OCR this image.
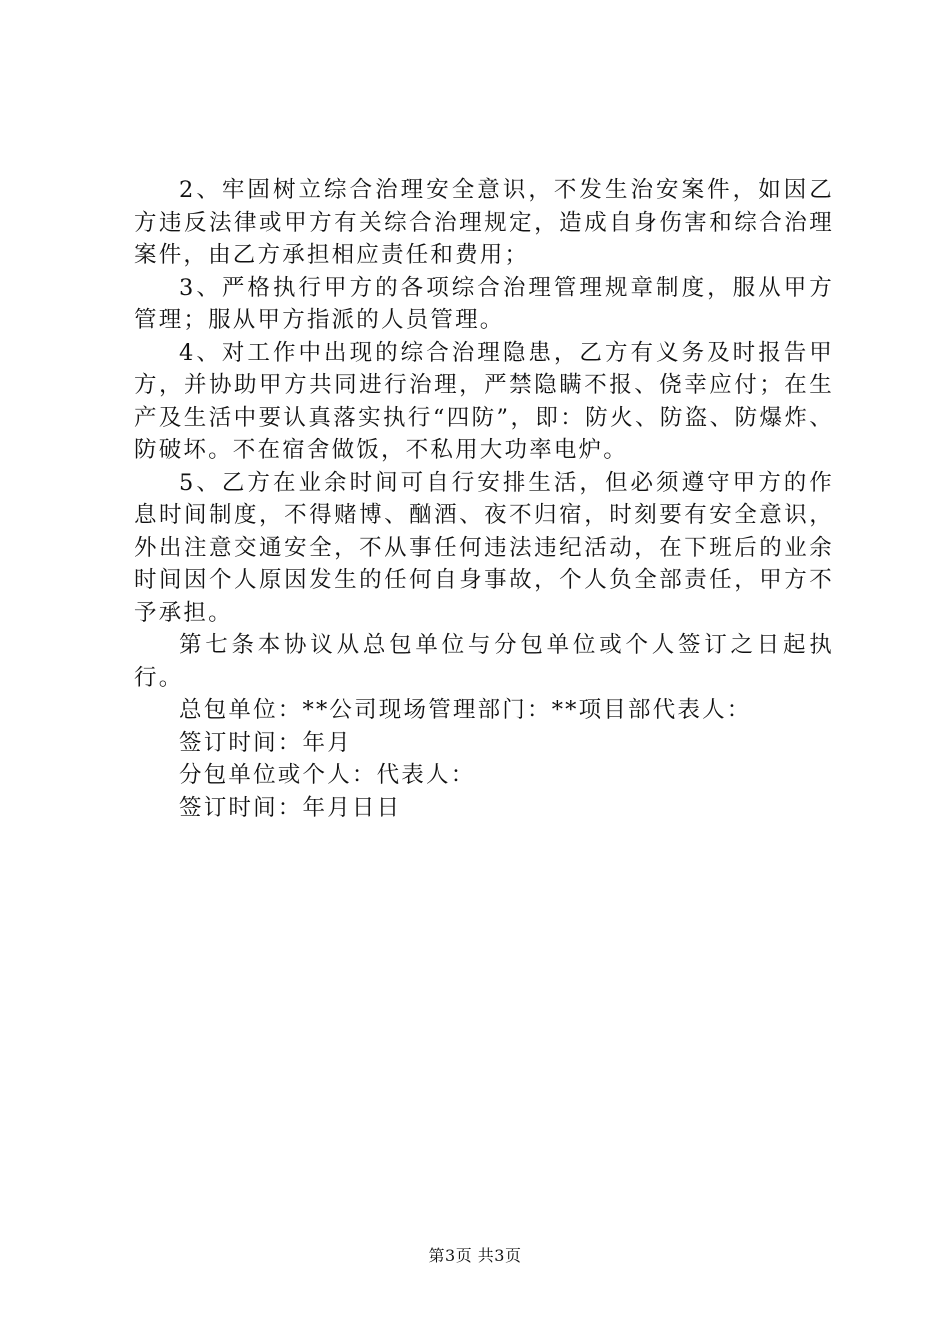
2、牢固树立综合治理安全意识，不发生治安案件，如因乙方违反法律或甲方有关综合治理规定，造成自身伤害和综合治理案件，由乙方承担相应责任和费用；

3、严格执行甲方的各项综合治理管理规章制度，服从甲方管理；服从甲方指派的人员管理。

4、对工作中出现的综合治理隐患，乙方有义务及时报告甲方，并协助甲方共同进行治理，严禁隐瞒不报、侥幸应付；在生产及生活中要认真落实执行“四防”，即：防火、防盗、防爆炸、防破坏。不在宿舍做饭，不私用大功率电炉。

5、乙方在业余时间可自行安排生活，但必须遵守甲方的作息时间制度，不得赌博、酗酒、夜不归宿，时刻要有安全意识，外出注意交通安全，不从事任何违法违纪活动，在下班后的业余时间因个人原因发生的任何自身事故，个人负全部责任，甲方不予承担。

第七条本协议从总包单位与分包单位或个人签订之日起执行。

总包单位：**公司现场管理部门：**项目部代表人：

签订时间：年月

分包单位或个人：代表人：

签订时间：年月日日

第3页 共3页
